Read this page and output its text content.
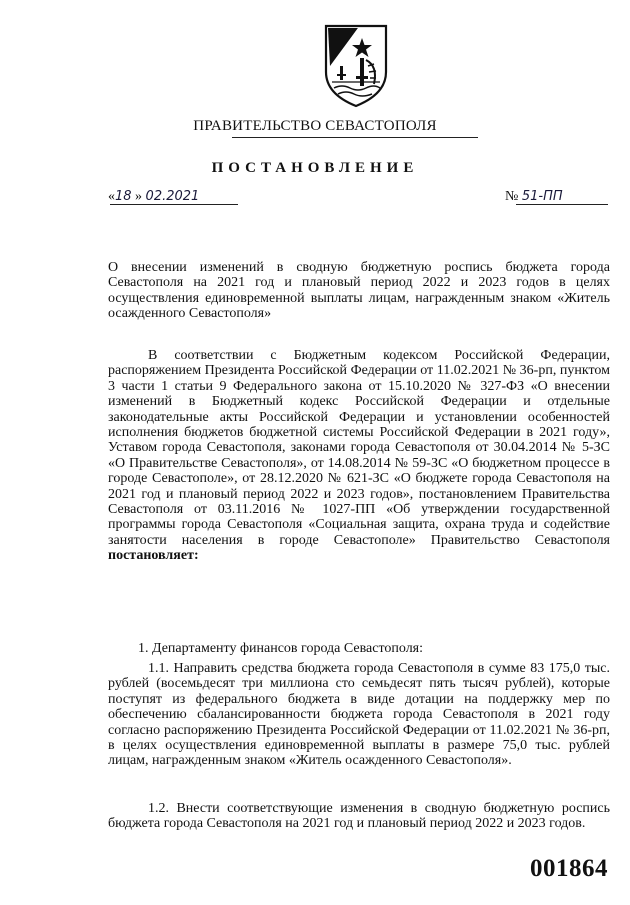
ПРАВИТЕЛЬСТВО СЕВАСТОПОЛЯ
ПОСТАНОВЛЕНИЕ
«18 » 02.2021	№ 51-ПП

О внесении изменений в сводную бюджетную роспись бюджета города Севастополя на 2021 год и плановый период 2022 и 2023 годов в целях осуществления единовременной выплаты лицам, награжденным знаком «Житель осажденного Севастополя»

В соответствии с Бюджетным кодексом Российской Федерации, распоряжением Президента Российской Федерации от 11.02.2021 № 36-рп, пунктом 3 части 1 статьи 9 Федерального закона от 15.10.2020 № 327-ФЗ «О внесении изменений в Бюджетный кодекс Российской Федерации и отдельные законодательные акты Российской Федерации и установлении особенностей исполнения бюджетов бюджетной системы Российской Федерации в 2021 году», Уставом города Севастополя, законами города Севастополя от 30.04.2014 № 5-ЗС «О Правительстве Севастополя», от 14.08.2014 № 59-ЗС «О бюджетном процессе в городе Севастополе», от 28.12.2020 № 621-ЗС «О бюджете города Севастополя на 2021 год и плановый период 2022 и 2023 годов», постановлением Правительства Севастополя от 03.11.2016 № 1027-ПП «Об утверждении государственной программы города Севастополя «Социальная защита, охрана труда и содействие занятости населения в городе Севастополе» Правительство Севастополя постановляет:

1. Департаменту финансов города Севастополя:

1.1. Направить средства бюджета города Севастополя в сумме 83 175,0 тыс. рублей (восемьдесят три миллиона сто семьдесят пять тысяч рублей), которые поступят из федерального бюджета в виде дотации на поддержку мер по обеспечению сбалансированности бюджета города Севастополя в 2021 году согласно распоряжению Президента Российской Федерации от 11.02.2021 № 36-рп, в целях осуществления единовременной выплаты в размере 75,0 тыс. рублей лицам, награжденным знаком «Житель осажденного Севастополя».

1.2. Внести соответствующие изменения в сводную бюджетную роспись бюджета города Севастополя на 2021 год и плановый период 2022 и 2023 годов.

001864
